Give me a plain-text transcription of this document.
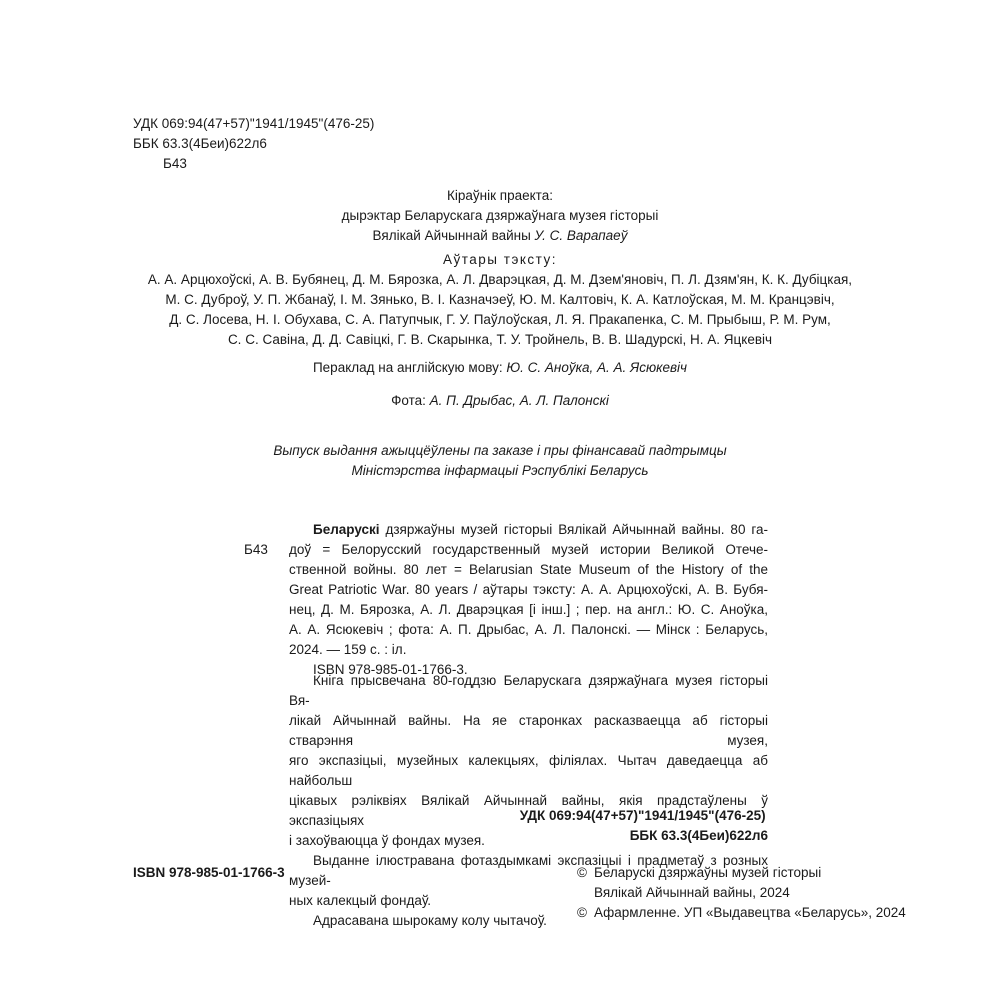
УДК 069:94(47+57)"1941/1945"(476-25)
ББК 63.3(4Беи)622л6
Б43
Кіраўнік праекта:
дырэктар Беларускага дзяржаўнага музея гісторыі
Вялікай Айчыннай вайны У. С. Варапаеў
Аўтары тэксту:
А. А. Арцюхоўскі, А. В. Бубянец, Д. М. Бярозка, А. Л. Дварэцкая, Д. М. Дзем'яновіч, П. Л. Дзям'ян, К. К. Дубіцкая,
М. С. Дуброў, У. П. Жбанаў, І. М. Зянько, В. І. Казначэеў, Ю. М. Калтовіч, К. А. Катлоўская, М. М. Кранцэвіч,
Д. С. Лосева, Н. І. Обухава, С. А. Патупчык, Г. У. Паўлоўская, Л. Я. Пракапенка, С. М. Прыбыш, Р. М. Рум,
С. С. Савіна, Д. Д. Савіцкі, Г. В. Скарынка, Т. У. Тройнель, В. В. Шадурскі, Н. А. Яцкевіч
Пераклад на англійскую мову: Ю. С. Аноўка, А. А. Ясюкевіч
Фота: А. П. Дрыбас, А. Л. Палонскі
Выпуск выдання ажыццёўлены па заказе і пры фінансавай падтрымцы
Міністэрства інфармацыі Рэспублікі Беларусь
Б43
Беларускі дзяржаўны музей гісторыі Вялікай Айчыннай вайны. 80 га-
доў = Белорусский государственный музей истории Великой Отече-
ственной войны. 80 лет = Belarusian State Museum of the History of the
Great Patriotic War. 80 years / аўтары тэксту: А. А. Арцюхоўскі, А. В. Бубя-
нец, Д. М. Бярозка, А. Л. Дварэцкая [і інш.] ; пер. на англ.: Ю. С. Аноўка,
А. А. Ясюкевіч ; фота: А. П. Дрыбас, А. Л. Палонскі. — Мінск : Беларусь,
2024. — 159 с. : іл.
ISBN 978-985-01-1766-3.
Кніга прысвечана 80-годдзю Беларускага дзяржаўнага музея гісторыі Вя-
лікай Айчыннай вайны. На яе старонках расказваецца аб гісторыі стварэння музея,
яго экспазіцыі, музейных калекцыях, філіялах. Чытач даведаецца аб найбольш
цікавых рэліквіях Вялікай Айчыннай вайны, якія прадстаўлены ў экспазіцыях
і захоўваюцца ў фондах музея.
Выданне ілюстравана фотаздымкамі экспазіцыі і прадметаў з розных музей-
ных калекцый фондаў.
Адрасавана шырокаму колу чытачоў.
УДК 069:94(47+57)"1941/1945"(476-25)
ББК 63.3(4Беи)622л6
ISBN 978-985-01-1766-3	© Беларускі дзяржаўны музей гісторыі
Вялікай Айчыннай вайны, 2024
© Афармленне. УП «Выдавецтва «Беларусь», 2024
